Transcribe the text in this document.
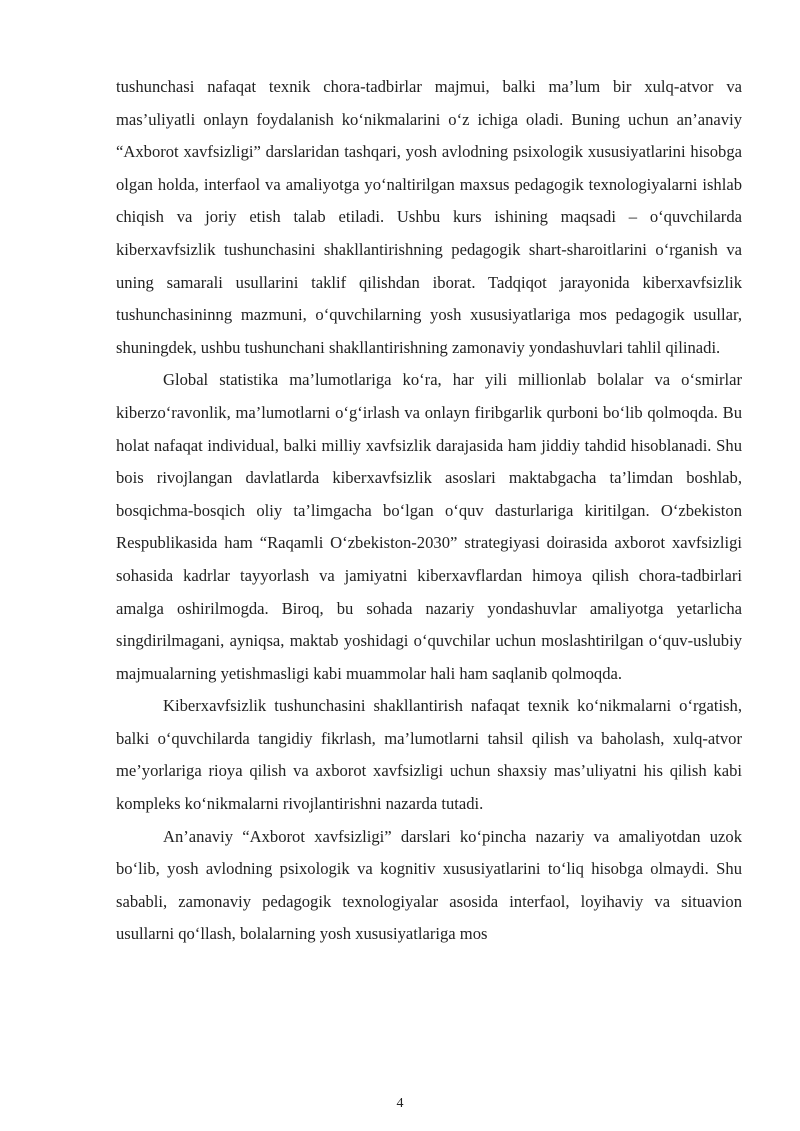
tushunchasi nafaqat texnik chora-tadbirlar majmui, balki ma’lum bir xulq-atvor va mas’uliyatli onlayn foydalanish ko‘nikmalarini o‘z ichiga oladi. Buning uchun an’anaviy “Axborot xavfsizligi” darslaridan tashqari, yosh avlodning psixologik xususiyatlarini hisobga olgan holda, interfaol va amaliyotga yo‘naltirilgan maxsus pedagogik texnologiyalarni ishlab chiqish va joriy etish talab etiladi. Ushbu kurs ishining maqsadi – o‘quvchilarda kiberxavfsizlik tushunchasini shakllantirishning pedagogik shart-sharoitlarini o‘rganish va uning samarali usullarini taklif qilishdan iborat. Tadqiqot jarayonida kiberxavfsizlik tushunchasininng mazmuni, o‘quvchilarning yosh xususiyatlariga mos pedagogik usullar, shuningdek, ushbu tushunchani shakllantirishning zamonaviy yondashuvlari tahlil qilinadi.

Global statistika ma’lumotlariga ko‘ra, har yili millionlab bolalar va o‘smirlar kiberzo‘ravonlik, ma’lumotlarni o‘g‘irlash va onlayn firibgarlik qurboni bo‘lib qolmoqda. Bu holat nafaqat individual, balki milliy xavfsizlik darajasida ham jiddiy tahdid hisoblanadi. Shu bois rivojlangan davlatlarda kiberxavfsizlik asoslari maktabgacha ta’limdan boshlab, bosqichma-bosqich oliy ta’limgacha bo‘lgan o‘quv dasturlariga kiritilgan. O‘zbekiston Respublikasida ham “Raqamli O‘zbekiston-2030” strategiyasi doirasida axborot xavfsizligi sohasida kadrlar tayyorlash va jamiyatni kiberxavflardan himoya qilish chora-tadbirlari amalga oshirilmogda. Biroq, bu sohada nazariy yondashuvlar amaliyotga yetarlicha singdirilmagani, ayniqsa, maktab yoshidagi o‘quvchilar uchun moslashtirilgan o‘quv-uslubiy majmualarning yetishmasligi kabi muammolar hali ham saqlanib qolmoqda.

Kiberxavfsizlik tushunchasini shakllantirish nafaqat texnik ko‘nikmalarni o‘rgatish, balki o‘quvchilarda tangidiy fikrlash, ma’lumotlarni tahsil qilish va baholash, xulq-atvor me’yorlariga rioya qilish va axborot xavfsizligi uchun shaxsiy mas’uliyatni his qilish kabi kompleks ko‘nikmalarni rivojlantirishni nazarda tutadi.

An’anaviy “Axborot xavfsizligi” darslari ko‘pincha nazariy va amaliyotdan uzok bo‘lib, yosh avlodning psixologik va kognitiv xususiyatlarini to‘liq hisobga olmaydi. Shu sababli, zamonaviy pedagogik texnologiyalar asosida interfaol, loyihaviy va situavion usullarni qo‘llash, bolalarning yosh xususiyatlariga mos

4
